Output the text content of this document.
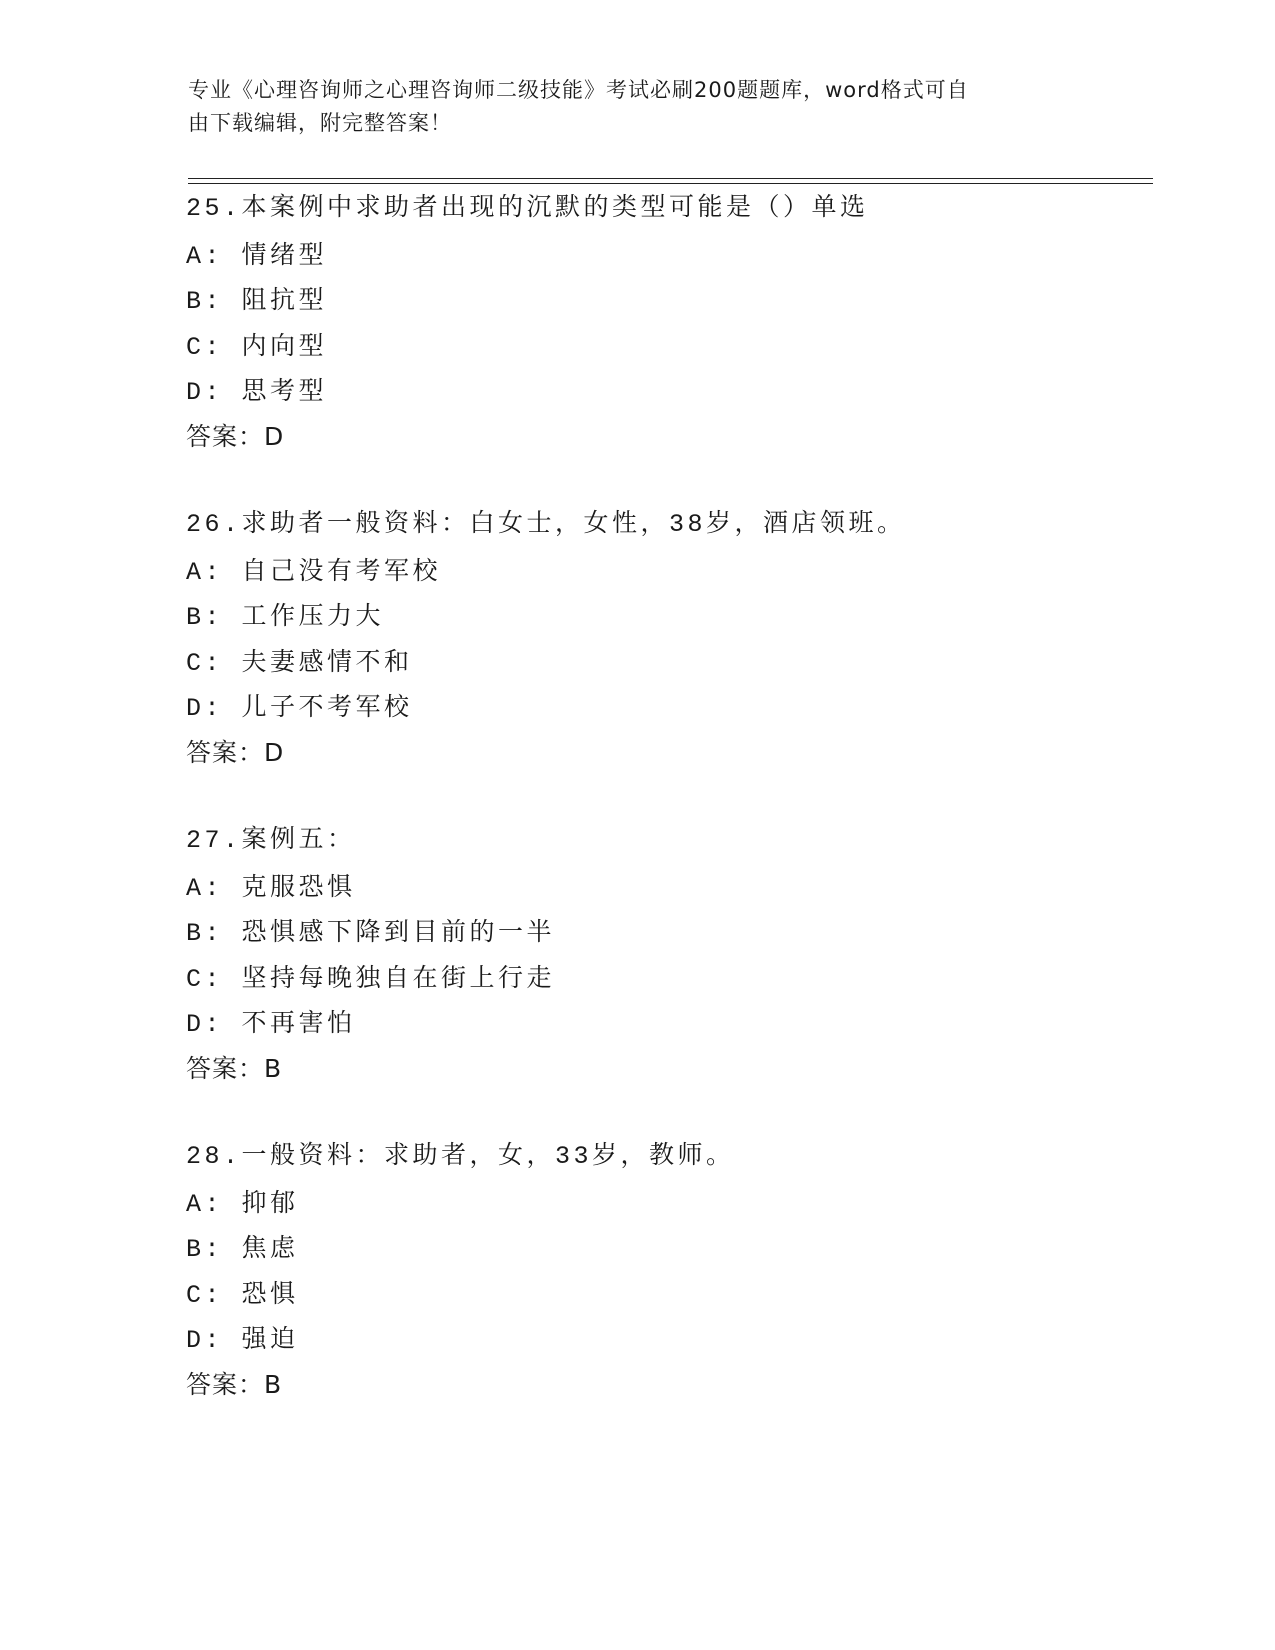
专业《心理咨询师之心理咨询师二级技能》考试必刷200题题库，word格式可自
由下载编辑，附完整答案！
25.本案例中求助者出现的沉默的类型可能是（）单选
A: 情绪型
B: 阻抗型
C: 内向型
D: 思考型
答案：D
26.求助者一般资料：白女士，女性，38岁，酒店领班。
A: 自己没有考军校
B: 工作压力大
C: 夫妻感情不和
D: 儿子不考军校
答案：D
27.案例五：
A: 克服恐惧
B: 恐惧感下降到目前的一半
C: 坚持每晚独自在街上行走
D: 不再害怕
答案：B
28.一般资料：求助者，女，33岁，教师。
A: 抑郁
B: 焦虑
C: 恐惧
D: 强迫
答案：B
